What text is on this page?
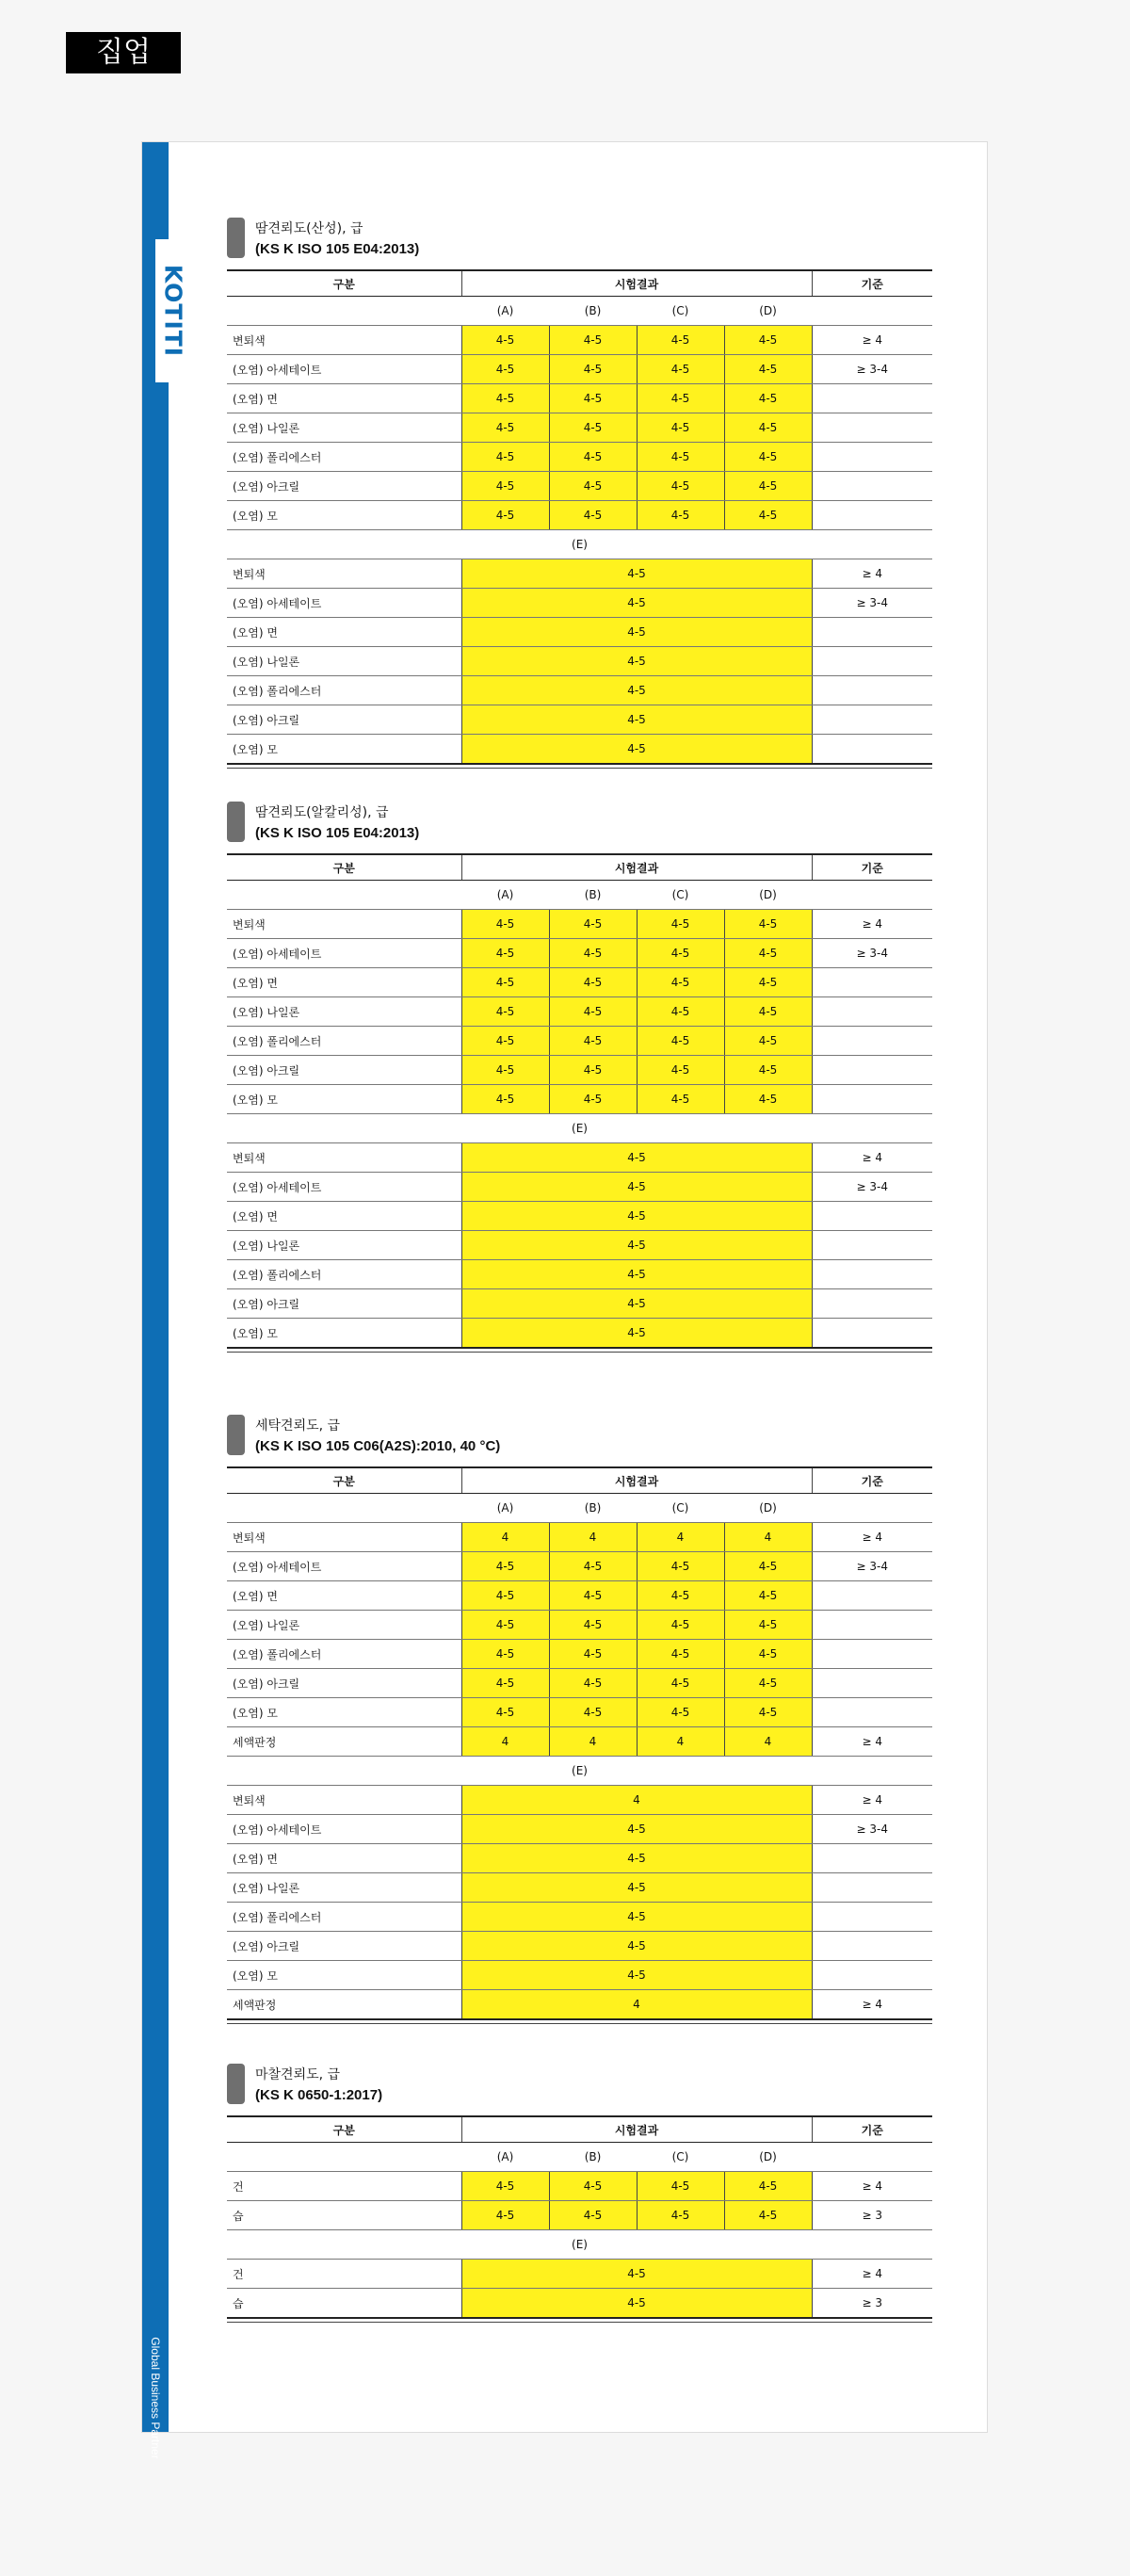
집업
KOTITI
Global Business Partner
땀견뢰도(산성), 급
(KS K ISO 105 E04:2013)
구분	시험결과				기준
	(A)	(B)	(C)	(D)	
변퇴색	4-5	4-5	4-5	4-5	≥ 4
(오염) 아세테이트	4-5	4-5	4-5	4-5	≥ 3-4
(오염) 면	4-5	4-5	4-5	4-5	
(오염) 나일론	4-5	4-5	4-5	4-5	
(오염) 폴리에스터	4-5	4-5	4-5	4-5	
(오염) 아크릴	4-5	4-5	4-5	4-5	
(오염) 모	4-5	4-5	4-5	4-5	
(E)					
변퇴색	4-5				≥ 4
(오염) 아세테이트	4-5				≥ 3-4
(오염) 면	4-5				
(오염) 나일론	4-5				
(오염) 폴리에스터	4-5				
(오염) 아크릴	4-5				
(오염) 모	4-5				
땀견뢰도(알칼리성), 급
(KS K ISO 105 E04:2013)
구분	시험결과				기준
	(A)	(B)	(C)	(D)	
변퇴색	4-5	4-5	4-5	4-5	≥ 4
(오염) 아세테이트	4-5	4-5	4-5	4-5	≥ 3-4
(오염) 면	4-5	4-5	4-5	4-5	
(오염) 나일론	4-5	4-5	4-5	4-5	
(오염) 폴리에스터	4-5	4-5	4-5	4-5	
(오염) 아크릴	4-5	4-5	4-5	4-5	
(오염) 모	4-5	4-5	4-5	4-5	
(E)					
변퇴색	4-5				≥ 4
(오염) 아세테이트	4-5				≥ 3-4
(오염) 면	4-5				
(오염) 나일론	4-5				
(오염) 폴리에스터	4-5				
(오염) 아크릴	4-5				
(오염) 모	4-5				
세탁견뢰도, 급
(KS K ISO 105 C06(A2S):2010, 40 °C)
구분	시험결과				기준
	(A)	(B)	(C)	(D)	
변퇴색	4	4	4	4	≥ 4
(오염) 아세테이트	4-5	4-5	4-5	4-5	≥ 3-4
(오염) 면	4-5	4-5	4-5	4-5	
(오염) 나일론	4-5	4-5	4-5	4-5	
(오염) 폴리에스터	4-5	4-5	4-5	4-5	
(오염) 아크릴	4-5	4-5	4-5	4-5	
(오염) 모	4-5	4-5	4-5	4-5	
세액판정	4	4	4	4	≥ 4
(E)					
변퇴색	4				≥ 4
(오염) 아세테이트	4-5				≥ 3-4
(오염) 면	4-5				
(오염) 나일론	4-5				
(오염) 폴리에스터	4-5				
(오염) 아크릴	4-5				
(오염) 모	4-5				
세액판정	4				≥ 4
마찰견뢰도, 급
(KS K 0650-1:2017)
구분	시험결과				기준
	(A)	(B)	(C)	(D)	
건	4-5	4-5	4-5	4-5	≥ 4
습	4-5	4-5	4-5	4-5	≥ 3
(E)					
건	4-5				≥ 4
습	4-5				≥ 3
